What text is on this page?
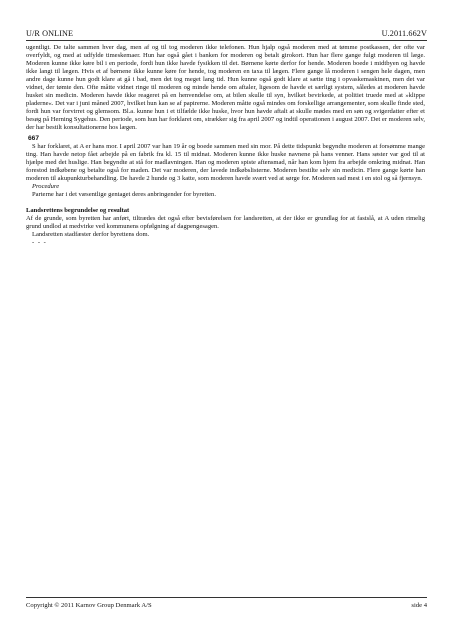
U/R ONLINE	U.2011.662V

ugentligt. De talte sammen hver dag, men af og til tog moderen ikke telefonen. Hun hjalp også moderen med at tømme postkassen, der ofte var overfyldt, og med at udfylde timeskemaer. Hun har også gået i banken for moderen og betalt girokort. Hun har flere gange fulgt moderen til læge. Moderen kunne ikke køre bil i en periode, fordi hun ikke havde fysikken til det. Børnene kørte derfor for hende. Moderen boede i midtbyen og havde ikke langt til lægen. Hvis et af børnene ikke kunne køre for hende, tog moderen en taxa til lægen. Flere gange lå moderen i sengen hele dagen, men andre dage kunne hun godt klare at gå i bad, men det tog meget lang tid. Hun kunne også godt klare at sætte ting i opvaskemaskinen, men det var vidnet, der tømte den. Ofte måtte vidnet ringe til moderen og minde hende om aftaler, ligesom de havde et særligt system, således at moderen havde husket sin medicin. Moderen havde ikke reageret på en henvendelse om, at bilen skulle til syn, hvilket bevirkede, at politiet truede med at »klippe pladerne«. Det var i juni måned 2007, hvilket hun kan se af papirerne. Moderen måtte også mindes om forskellige arrangementer, som skulle finde sted, fordi hun var forvirret og glemsom. Bl.a. kunne hun i et tilfælde ikke huske, hvor hun havde aftalt at skulle mødes med en søn og svigerdatter efter et besøg på Herning Sygehus. Den periode, som hun har forklaret om, strækker sig fra april 2007 og indtil operationen i august 2007. Det er moderen selv, der har bestilt konsultationerne hos lægen.

667

S har forklaret, at A er hans mor. I april 2007 var han 19 år og boede sammen med sin mor. På dette tidspunkt begyndte moderen at forsømme mange ting. Han havde netop fået arbejde på en fabrik fra kl. 15 til midnat. Moderen kunne ikke huske navnene på hans venner. Hans søster var god til at hjælpe med det huslige. Han begyndte at stå for madlavningen. Han og moderen spiste aftensmad, når han kom hjem fra arbejde omkring midnat. Han forestod indkøbene og betalte også for maden. Det var moderen, der lavede indkøbslisterne. Moderen bestilte selv sin medicin. Flere gange kørte han moderen til akupunkturbehandling. De havde 2 hunde og 3 katte, som moderen havde svært ved at sørge for. Moderen sad mest i en stol og så fjernsyn.

Procedure

Parterne har i det væsentlige gentaget deres anbringender for byretten.

Landsrettens begrundelse og resultat

Af de grunde, som byretten har anført, tiltrædes det også efter bevisførelsen for landsretten, at der ikke er grundlag for at fastslå, at A uden rimelig grund undlod at medvirke ved kommunens opfølgning af dagpengesagen.

Landsretten stadfæster derfor byrettens dom.

- - -
Copyright © 2011 Karnov Group Denmark A/S	side 4
